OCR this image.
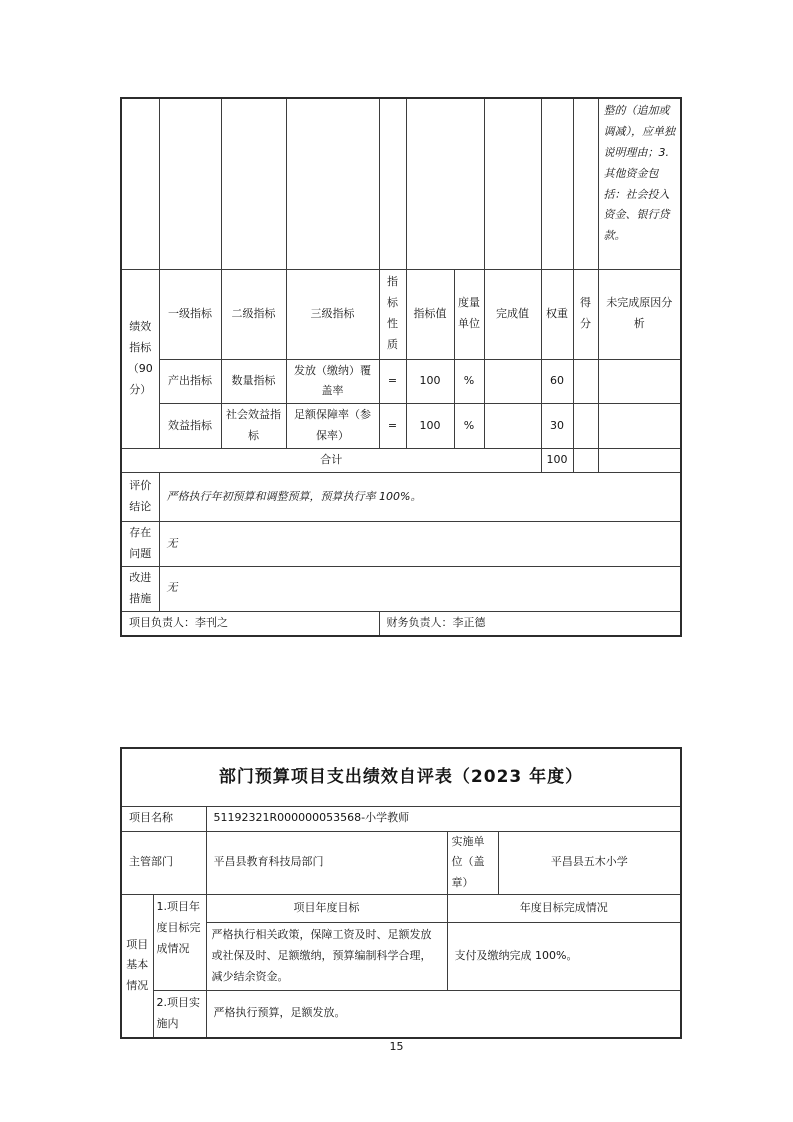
										整的（追加或调减），应单独说明理由；3.其他资金包括：社会投入资金、银行贷款。
绩效指标（90分）	一级指标	二级指标	三级指标	指标性质	指标值	度量单位	完成值	权重	得分	未完成原因分析
	产出指标	数量指标	发放（缴纳）覆盖率	=	100	%		60		
	效益指标	社会效益指标	足额保障率（参保率）	=	100	%		30		
合计								100		
评价结论	严格执行年初预算和调整预算，预算执行率 100%。									
存在问题	无									
改进措施	无									
项目负责人：李刊之				财务负责人：李正德						
部门预算项目支出绩效自评表（2023 年度）				
项目名称		51192321R000000053568-小学教师		
主管部门		平昌县教育科技局部门	实施单位（盖章）	平昌县五木小学
项目基本情况	1.项目年度目标完成情况	项目年度目标	年度目标完成情况	
		严格执行相关政策，保障工资及时、足额发放或社保及时、足额缴纳，预算编制科学合理，减少结余资金。	支付及缴纳完成 100%。	
	2.项目实施内	严格执行预算，足额发放。		
15
